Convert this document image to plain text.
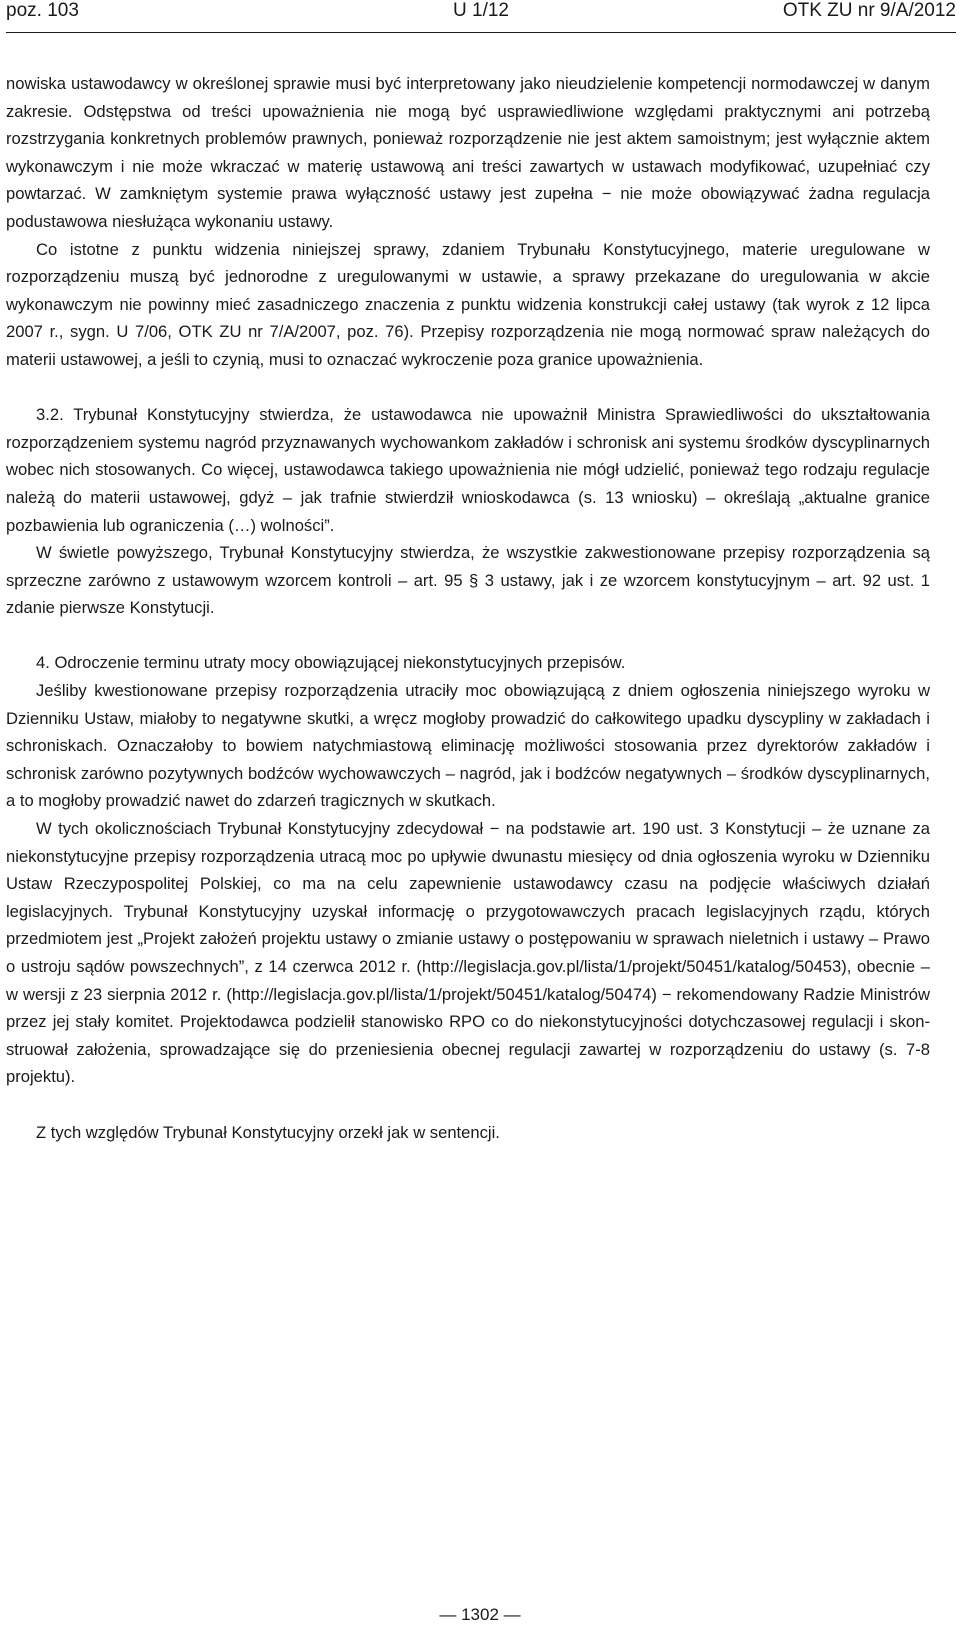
poz. 103	U 1/12	OTK ZU nr 9/A/2012

nowiska ustawodawcy w określonej sprawie musi być interpretowany jako nieudzielenie kompetencji normodawczej w danym zakresie. Odstępstwa od treści upoważnienia nie mogą być usprawiedliwione względami praktycznymi ani potrzebą rozstrzygania konkretnych problemów prawnych, ponieważ rozporządzenie nie jest aktem samoistnym; jest wyłącznie aktem wykonawczym i nie może wkraczać w materię ustawową ani treści zawartych w ustawach modyfikować, uzupełniać czy powtarzać. W zamkniętym systemie prawa wyłączność ustawy jest zupełna − nie może obowiązywać żadna regulacja podustawowa niesłużąca wykonaniu ustawy.

Co istotne z punktu widzenia niniejszej sprawy, zdaniem Trybunału Konstytucyjnego, materie uregulowane w rozporządzeniu muszą być jednorodne z uregulowanymi w ustawie, a sprawy przekazane do uregulowania w akcie wykonawczym nie powinny mieć zasadniczego znaczenia z punktu widzenia konstrukcji całej ustawy (tak wyrok z 12 lipca 2007 r., sygn. U 7/06, OTK ZU nr 7/A/2007, poz. 76). Przepisy rozporządzenia nie mogą normować spraw należących do materii ustawowej, a jeśli to czynią, musi to oznaczać wykroczenie poza granice upoważnienia.

3.2. Trybunał Konstytucyjny stwierdza, że ustawodawca nie upoważnił Ministra Sprawiedliwości do ukształtowania rozporządzeniem systemu nagród przyznawanych wychowankom zakładów i schronisk ani systemu środków dyscyplinarnych wobec nich stosowanych. Co więcej, ustawodawca takiego upoważnienia nie mógł udzielić, ponieważ tego rodzaju regulacje należą do materii ustawowej, gdyż – jak trafnie stwierdził wnioskodawca (s. 13 wniosku) – określają „aktualne granice pozbawienia lub ograniczenia (…) wolności”.

W świetle powyższego, Trybunał Konstytucyjny stwierdza, że wszystkie zakwestionowane przepisy rozporządzenia są sprzeczne zarówno z ustawowym wzorcem kontroli – art. 95 § 3 ustawy, jak i ze wzorcem konstytucyjnym – art. 92 ust. 1 zdanie pierwsze Konstytucji.

4. Odroczenie terminu utraty mocy obowiązującej niekonstytucyjnych przepisów.

Jeśliby kwestionowane przepisy rozporządzenia utraciły moc obowiązującą z dniem ogłoszenia niniejszego wyroku w Dzienniku Ustaw, miałoby to negatywne skutki, a wręcz mogłoby prowadzić do całkowitego upadku dyscypliny w zakładach i schroniskach. Oznaczałoby to bowiem natychmiastową eliminację możliwości stosowania przez dyrektorów zakładów i schronisk zarówno pozytywnych bodźców wychowawczych – nagród, jak i bodźców negatywnych – środków dyscyplinarnych, a to mogłoby prowadzić nawet do zdarzeń tragicznych w skutkach.

W tych okolicznościach Trybunał Konstytucyjny zdecydował − na podstawie art. 190 ust. 3 Konstytucji – że uznane za niekonstytucyjne przepisy rozporządzenia utracą moc po upływie dwunastu miesięcy od dnia ogłoszenia wyroku w Dzienniku Ustaw Rzeczypospolitej Polskiej, co ma na celu zapewnienie ustawodawcy czasu na podjęcie właściwych działań legislacyjnych. Trybunał Konstytucyjny uzyskał informację o przygotowawczych pracach legislacyjnych rządu, których przedmiotem jest „Projekt założeń projektu ustawy o zmianie ustawy o postępowaniu w sprawach nieletnich i ustawy – Prawo o ustroju sądów powszechnych”, z 14 czerwca 2012 r. (http://legislacja.gov.pl/lista/1/projekt/50451/katalog/50453), obecnie – w wersji z 23 sierpnia 2012 r. (http://legislacja.gov.pl/lista/1/projekt/50451/katalog/50474) − rekomendowany Radzie Ministrów przez jej stały komitet. Projektodawca podzielił stanowisko RPO co do niekonstytucyjności dotychczasowej regulacji i skonstruował założenia, sprowadzające się do przeniesienia obecnej regulacji zawartej w rozporządzeniu do ustawy (s. 7-8 projektu).

Z tych względów Trybunał Konstytucyjny orzekł jak w sentencji.

— 1302 —
